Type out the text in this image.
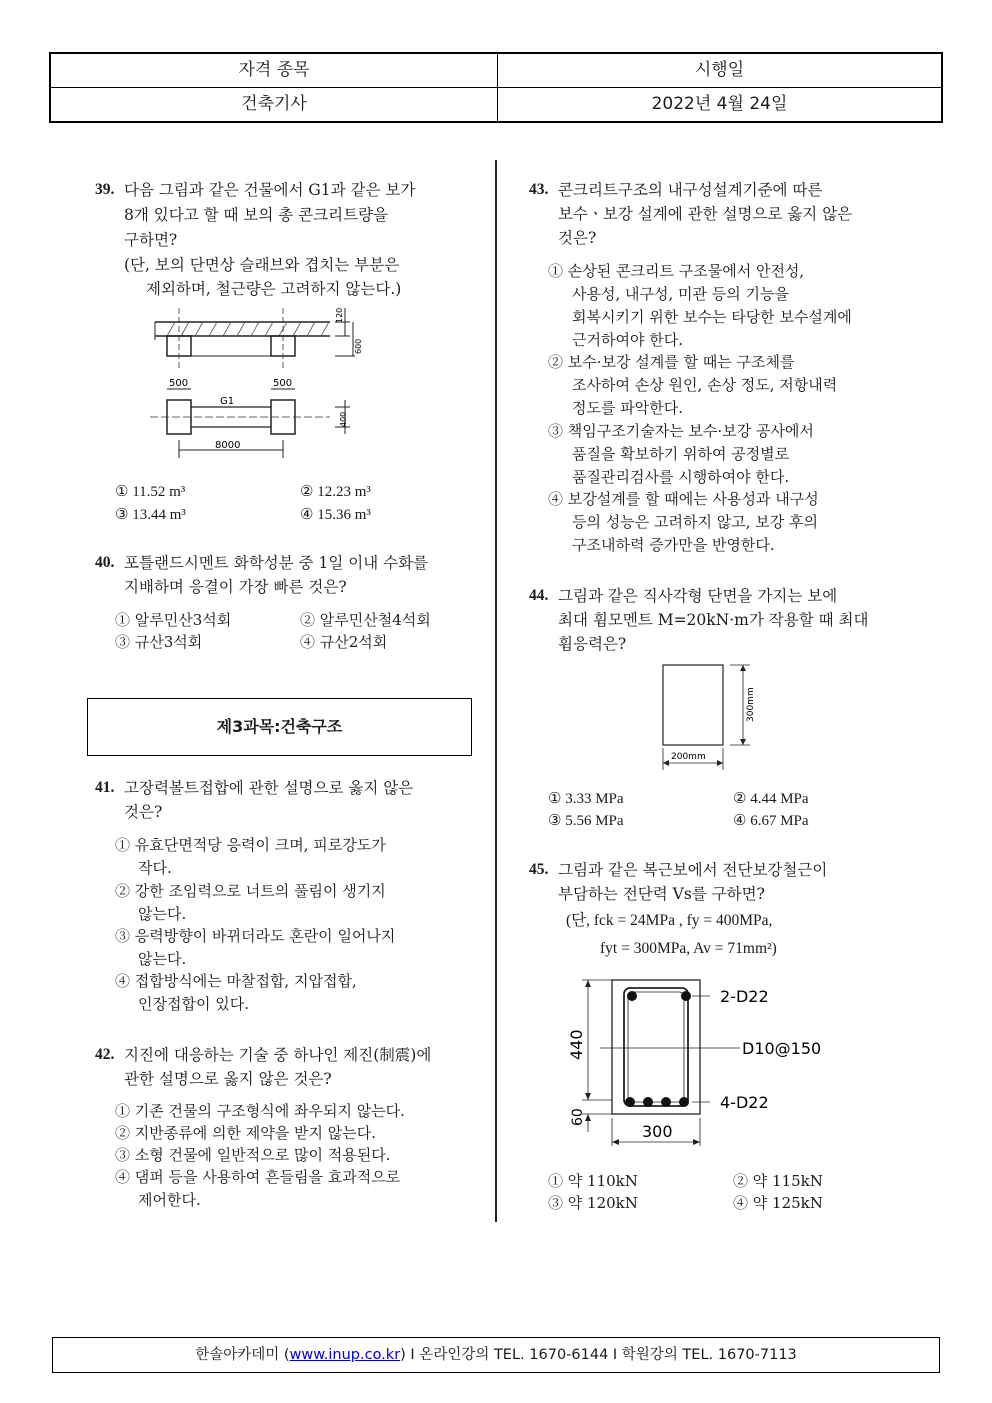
자격 종목	시행일
건축기사	2022년 4월 24일
39. 다음 그림과 같은 건물에서 G1과 같은 보가
8개 있다고 할 때 보의 총 콘크리트량을
구하면?
(단, 보의 단면상 슬래브와 겹치는 부분은
제외하며, 철근량은 고려하지 않는다.)
120
600
500	500
G1
400
8000
① 11.52 m³	② 12.23 m³
③ 13.44 m³	④ 15.36 m³
40. 포틀랜드시멘트 화학성분 중 1일 이내 수화를
지배하며 응결이 가장 빠른 것은?
① 알루민산3석회	② 알루민산철4석회
③ 규산3석회	④ 규산2석회
제3과목:건축구조
41. 고장력볼트접합에 관한 설명으로 옳지 않은
것은?
① 유효단면적당 응력이 크며, 피로강도가
작다.
② 강한 조임력으로 너트의 풀림이 생기지
않는다.
③ 응력방향이 바뀌더라도 혼란이 일어나지
않는다.
④ 접합방식에는 마찰접합, 지압접합,
인장접합이 있다.
42. 지진에 대응하는 기술 중 하나인 제진(制震)에
관한 설명으로 옳지 않은 것은?
① 기존 건물의 구조형식에 좌우되지 않는다.
② 지반종류에 의한 제약을 받지 않는다.
③ 소형 건물에 일반적으로 많이 적용된다.
④ 댐퍼 등을 사용하여 흔들림을 효과적으로
제어한다.
43. 콘크리트구조의 내구성설계기준에 따른
보수ㆍ보강 설계에 관한 설명으로 옳지 않은
것은?
① 손상된 콘크리트 구조물에서 안전성,
사용성, 내구성, 미관 등의 기능을
회복시키기 위한 보수는 타당한 보수설계에
근거하여야 한다.
② 보수·보강 설계를 할 때는 구조체를
조사하여 손상 원인, 손상 정도, 저항내력
정도를 파악한다.
③ 책임구조기술자는 보수·보강 공사에서
품질을 확보하기 위하여 공정별로
품질관리검사를 시행하여야 한다.
④ 보강설계를 할 때에는 사용성과 내구성
등의 성능은 고려하지 않고, 보강 후의
구조내하력 증가만을 반영한다.
44. 그림과 같은 직사각형 단면을 가지는 보에
최대 휨모멘트 M=20kN·m가 작용할 때 최대
휨응력은?
300mm
200mm
① 3.33 MPa	② 4.44 MPa
③ 5.56 MPa	④ 6.67 MPa
45. 그림과 같은 복근보에서 전단보강철근이
부담하는 전단력 Vs를 구하면?
(단, fck = 24MPa , fy = 400MPa,
fyt = 300MPa, Av = 71mm²)
2-D22
D10@150
4-D22
440
60
300
① 약 110kN	② 약 115kN
③ 약 120kN	④ 약 125kN
한솔아카데미 (www.inup.co.kr) I 온라인강의 TEL. 1670-6144 I 학원강의 TEL. 1670-7113
